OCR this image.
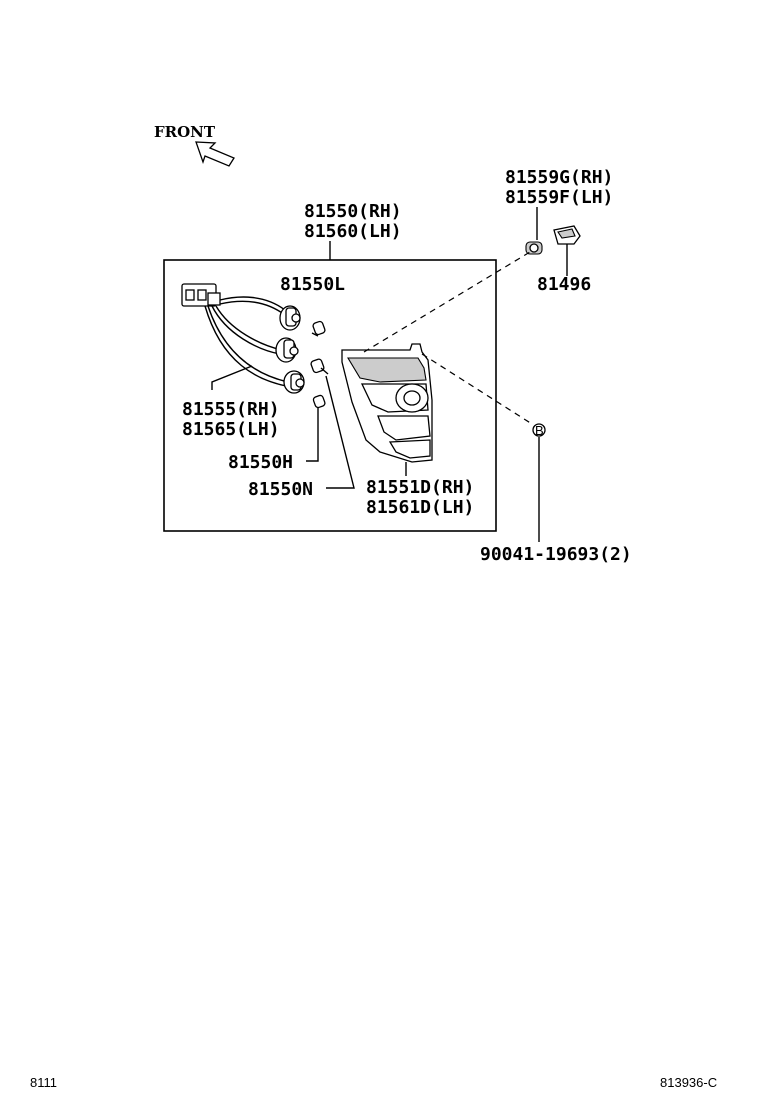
FRONT
81550(RH)
81560(LH)
81550L
81555(RH)
81565(LH)
81550H
81550N	81551D(RH)
81561D(LH)
81559G(RH)
81559F(LH)
81496
B
90041-19693(2)
8111	813936-C
